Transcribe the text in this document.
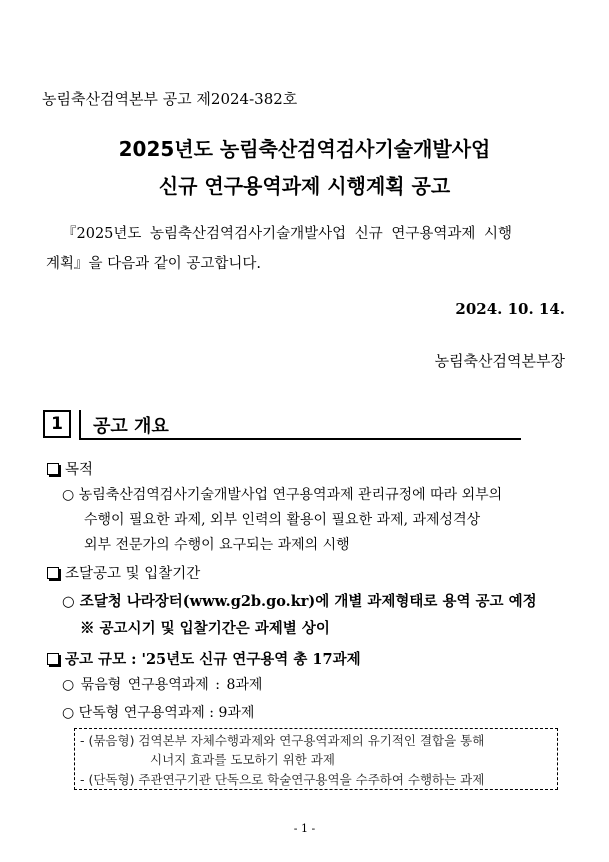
농림축산검역본부 공고 제2024-382호
2025년도 농림축산검역검사기술개발사업
신규 연구용역과제 시행계획 공고
『2025년도 농림축산검역검사기술개발사업 신규 연구용역과제 시행
계획』을 다음과 같이 공고합니다.
2024. 10. 14.
농림축산검역본부장
1	공고 개요
목적
○ 농림축산검역검사기술개발사업 연구용역과제 관리규정에 따라 외부의
수행이 필요한 과제, 외부 인력의 활용이 필요한 과제, 과제성격상
외부 전문가의 수행이 요구되는 과제의 시행
조달공고 및 입찰기간
○ 조달청 나라장터(www.g2b.go.kr)에 개별 과제형태로 용역 공고 예정
※ 공고시기 및 입찰기간은 과제별 상이
공고 규모 : '25년도 신규 연구용역 총 17과제
○ 묶음형 연구용역과제 : 8과제
○ 단독형 연구용역과제 : 9과제
- (묶음형) 검역본부 자체수행과제와 연구용역과제의 유기적인 결합을 통해
시너지 효과를 도모하기 위한 과제
- (단독형) 주관연구기관 단독으로 학술연구용역을 수주하여 수행하는 과제
- 1 -
